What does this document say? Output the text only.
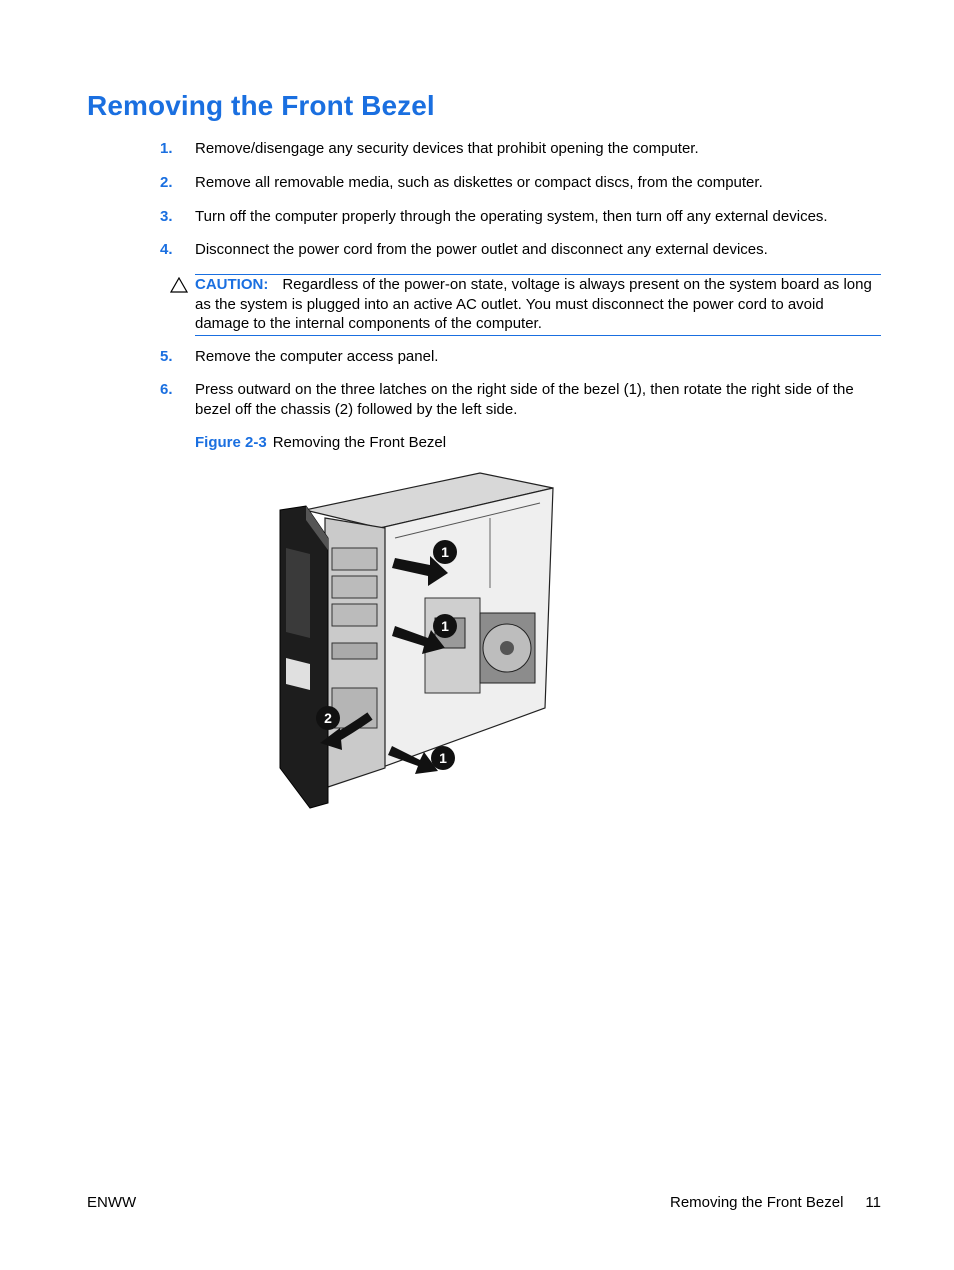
Removing the Front Bezel
1. Remove/disengage any security devices that prohibit opening the computer.
2. Remove all removable media, such as diskettes or compact discs, from the computer.
3. Turn off the computer properly through the operating system, then turn off any external devices.
4. Disconnect the power cord from the power outlet and disconnect any external devices.
CAUTION: Regardless of the power-on state, voltage is always present on the system board as long as the system is plugged into an active AC outlet. You must disconnect the power cord to avoid damage to the internal components of the computer.
5. Remove the computer access panel.
6. Press outward on the three latches on the right side of the bezel (1), then rotate the right side of the bezel off the chassis (2) followed by the left side.
Figure 2-3 Removing the Front Bezel
1
1
2
1
ENWW	Removing the Front Bezel 11
